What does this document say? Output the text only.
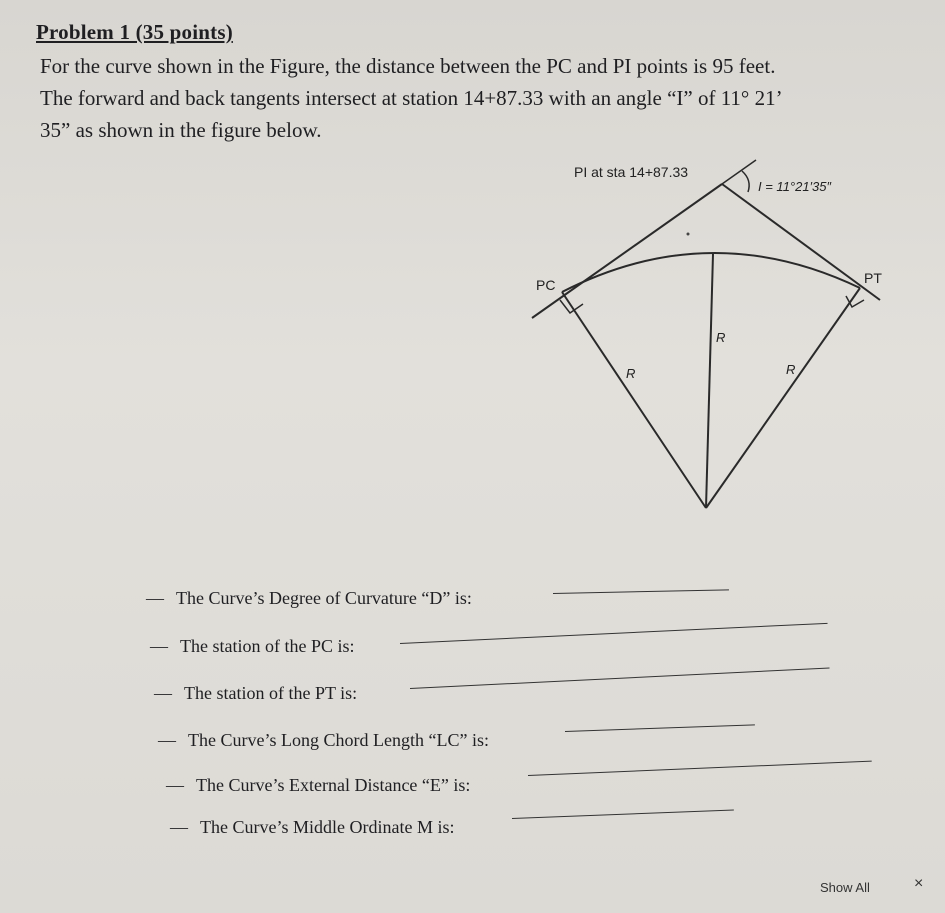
Problem 1 (35 points)
For the curve shown in the Figure, the distance between the PC and PI points is 95 feet.
The forward and back tangents intersect at station 14+87.33 with an angle “I” of 11° 21’
35” as shown in the figure below.
PI at sta 14+87.33
I = 11°21′35″
PC	PT
R
R
R
— The Curve’s Degree of Curvature “D” is:
— The station of the PC is:
— The station of the PT is:
— The Curve’s Long Chord Length “LC” is:
— The Curve’s External Distance “E” is:
— The Curve’s Middle Ordinate M is:
Show All	×
